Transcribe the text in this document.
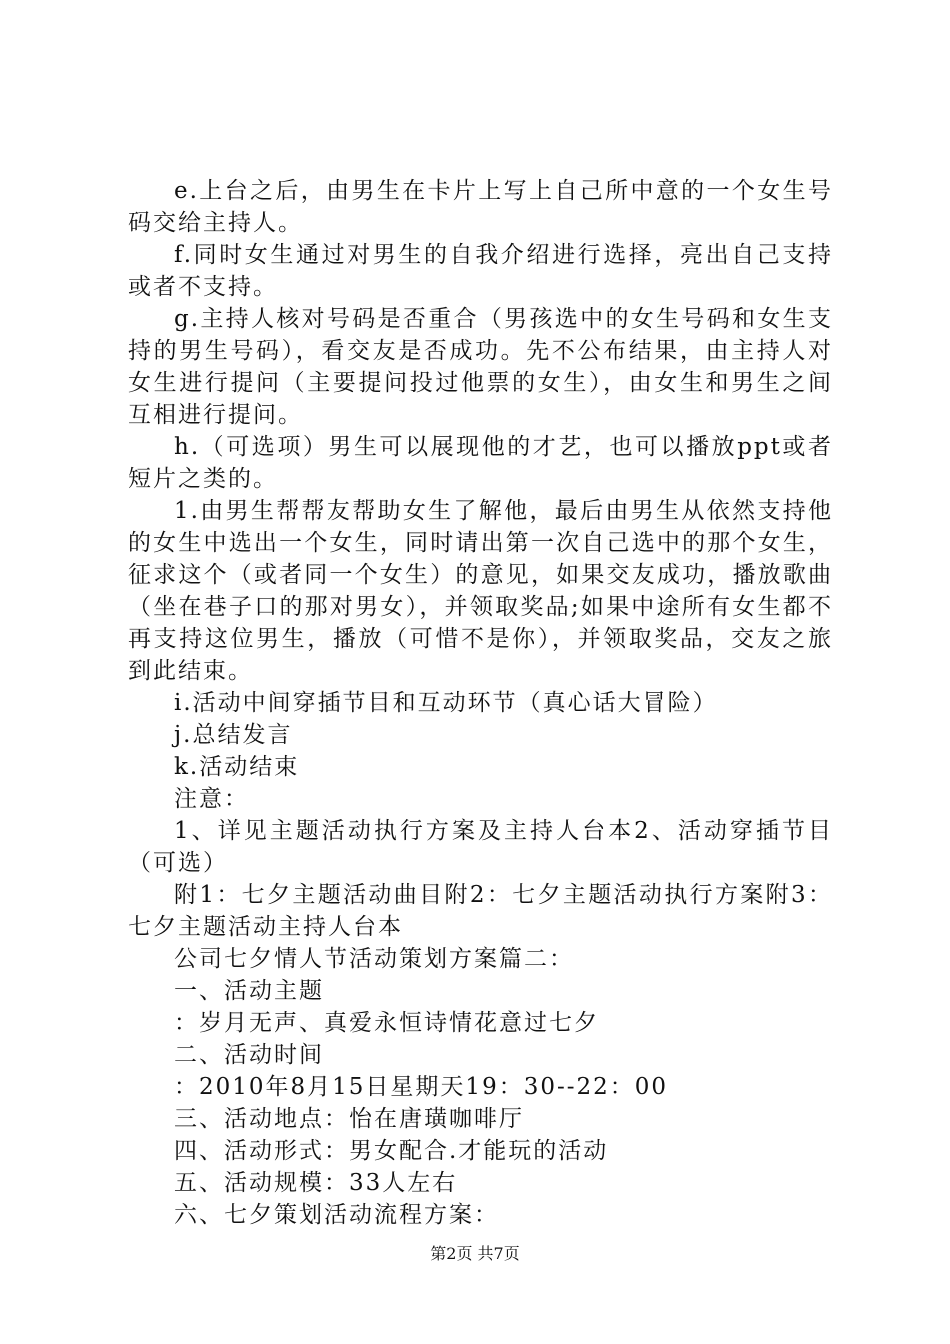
e.上台之后，由男生在卡片上写上自己所中意的一个女生号码交给主持人。

f.同时女生通过对男生的自我介绍进行选择，亮出自己支持或者不支持。

g.主持人核对号码是否重合（男孩选中的女生号码和女生支持的男生号码），看交友是否成功。先不公布结果，由主持人对女生进行提问（主要提问投过他票的女生），由女生和男生之间互相进行提问。

h.（可选项）男生可以展现他的才艺，也可以播放ppt或者短片之类的。

1.由男生帮帮友帮助女生了解他，最后由男生从依然支持他的女生中选出一个女生，同时请出第一次自己选中的那个女生，征求这个（或者同一个女生）的意见，如果交友成功，播放歌曲（坐在巷子口的那对男女），并领取奖品;如果中途所有女生都不再支持这位男生，播放（可惜不是你），并领取奖品，交友之旅到此结束。

i.活动中间穿插节目和互动环节（真心话大冒险）

j.总结发言

k.活动结束

注意：

1、详见主题活动执行方案及主持人台本2、活动穿插节目（可选）

附1：七夕主题活动曲目附2：七夕主题活动执行方案附3：七夕主题活动主持人台本

公司七夕情人节活动策划方案篇二：

一、活动主题

：岁月无声、真爱永恒诗情花意过七夕

二、活动时间

：2010年8月15日星期天19：30--22：00

三、活动地点：怡在唐璜咖啡厅

四、活动形式：男女配合.才能玩的活动

五、活动规模：33人左右

六、七夕策划活动流程方案：

第2页 共7页
